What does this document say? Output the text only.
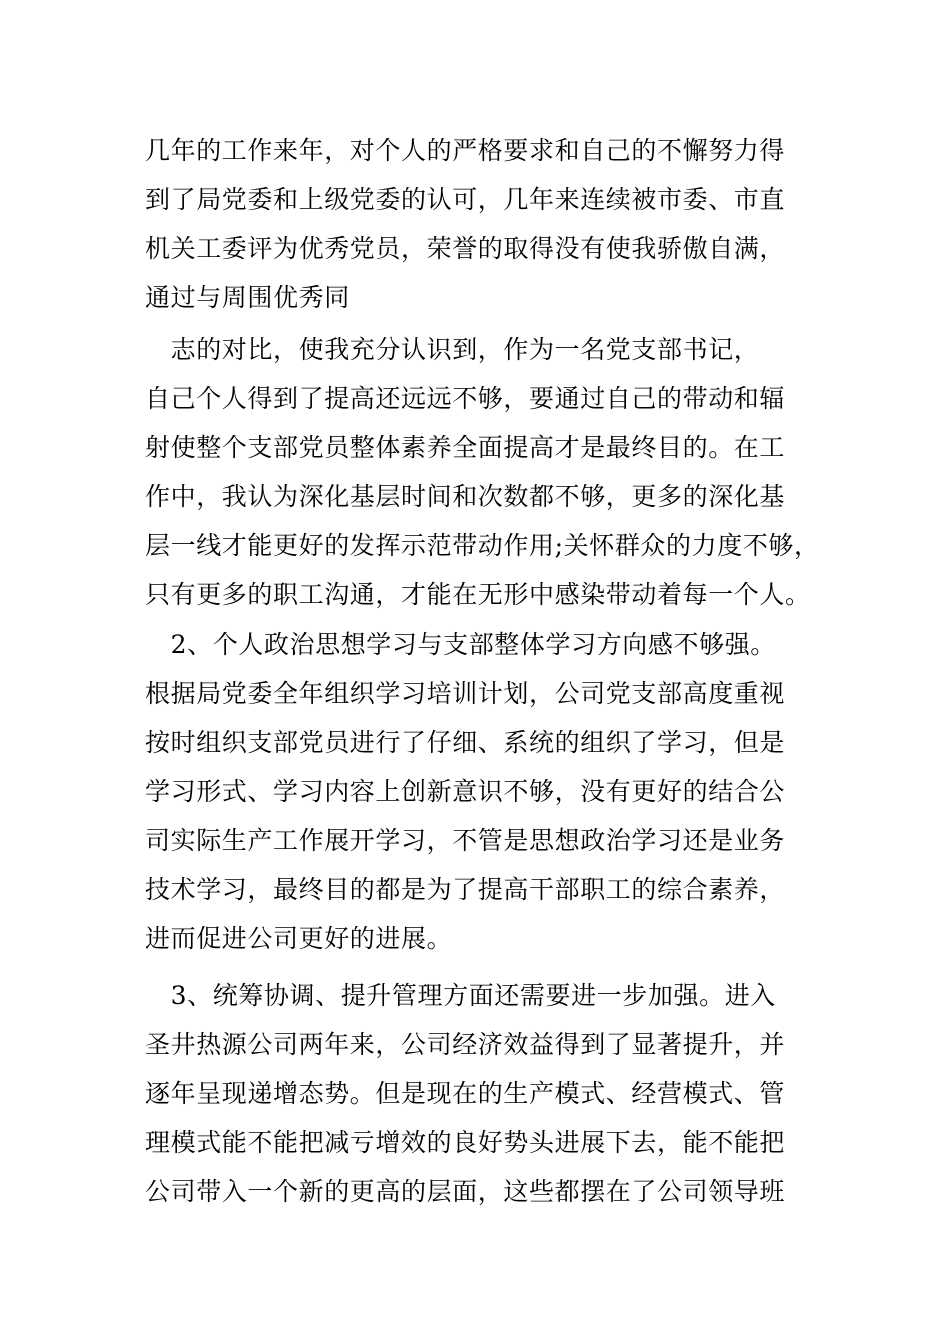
几年的工作来年，对个人的严格要求和自己的不懈努力得
到了局党委和上级党委的认可，几年来连续被市委、市直
机关工委评为优秀党员，荣誉的取得没有使我骄傲自满，
通过与周围优秀同
　志的对比，使我充分认识到，作为一名党支部书记，
自己个人得到了提高还远远不够，要通过自己的带动和辐
射使整个支部党员整体素养全面提高才是最终目的。在工
作中，我认为深化基层时间和次数都不够，更多的深化基
层一线才能更好的发挥示范带动作用;关怀群众的力度不够，
只有更多的职工沟通，才能在无形中感染带动着每一个人。
　2、个人政治思想学习与支部整体学习方向感不够强。
根据局党委全年组织学习培训计划，公司党支部高度重视
按时组织支部党员进行了仔细、系统的组织了学习，但是
学习形式、学习内容上创新意识不够，没有更好的结合公
司实际生产工作展开学习，不管是思想政治学习还是业务
技术学习，最终目的都是为了提高干部职工的综合素养，
进而促进公司更好的进展。
　3、统筹协调、提升管理方面还需要进一步加强。进入
圣井热源公司两年来，公司经济效益得到了显著提升，并
逐年呈现递增态势。但是现在的生产模式、经营模式、管
理模式能不能把减亏增效的良好势头进展下去，能不能把
公司带入一个新的更高的层面，这些都摆在了公司领导班
